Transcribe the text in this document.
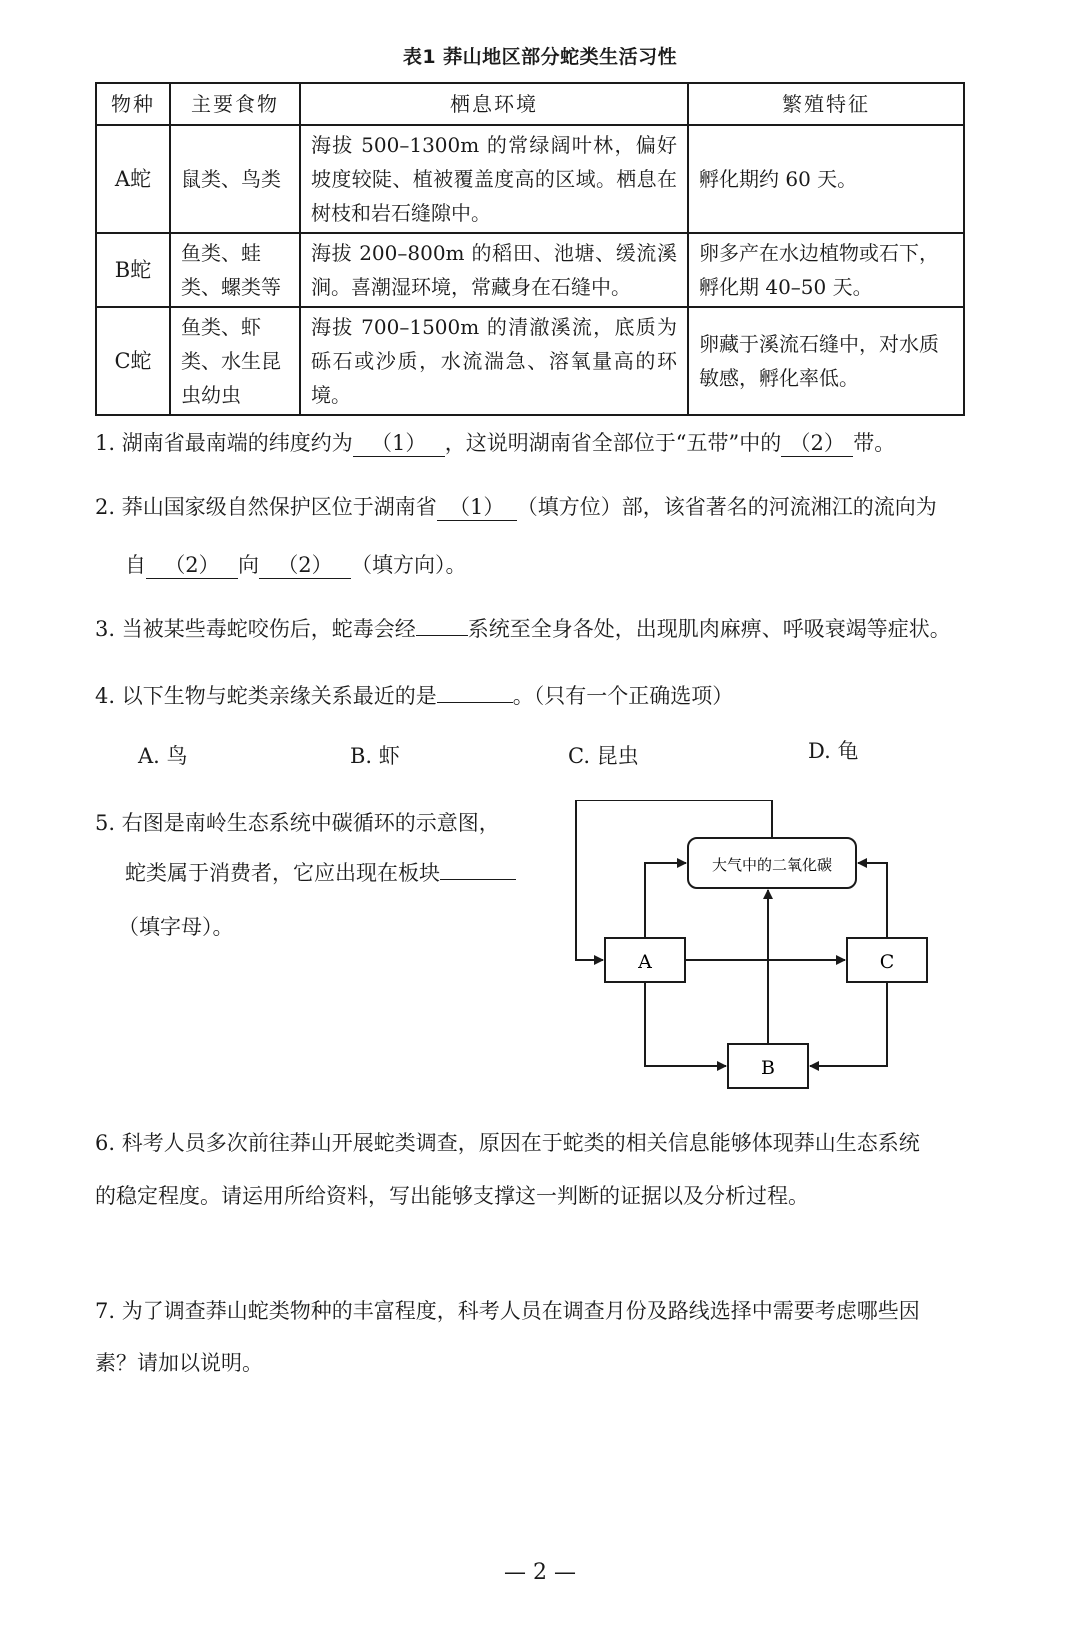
表1 莽山地区部分蛇类生活习性
物种	主要食物	栖息环境	繁殖特征
A蛇	鼠类、鸟类	海拔 500–1300m 的常绿阔叶林，偏好坡度较陡、植被覆盖度高的区域。栖息在树枝和岩石缝隙中。	孵化期约 60 天。
B蛇	鱼类、蛙类、螺类等	海拔 200–800m 的稻田、池塘、缓流溪涧。喜潮湿环境，常藏身在石缝中。	卵多产在水边植物或石下，孵化期 40–50 天。
C蛇	鱼类、虾类、水生昆虫幼虫	海拔 700–1500m 的清澈溪流，底质为砾石或沙质，水流湍急、溶氧量高的环境。	卵藏于溪流石缝中，对水质敏感，孵化率低。
1. 湖南省最南端的纬度约为 （1） ，这说明湖南省全部位于“五带”中的 （2） 带。
2. 莽山国家级自然保护区位于湖南省 （1） （填方位）部，该省著名的河流湘江的流向为
自 （2） 向 （2） （填方向）。
3. 当被某些毒蛇咬伤后，蛇毒会经 系统至全身各处，出现肌肉麻痹、呼吸衰竭等症状。
4. 以下生物与蛇类亲缘关系最近的是	。（只有一个正确选项）
A. 鸟	B. 虾	C. 昆虫	D. 龟
5. 右图是南岭生态系统中碳循环的示意图，
蛇类属于消费者，它应出现在板块
（填字母）。
大气中的二氧化碳
A	C
B
6. 科考人员多次前往莽山开展蛇类调查，原因在于蛇类的相关信息能够体现莽山生态系统
的稳定程度。请运用所给资料，写出能够支撑这一判断的证据以及分析过程。
7. 为了调查莽山蛇类物种的丰富程度，科考人员在调查月份及路线选择中需要考虑哪些因
素？请加以说明。
— 2 —
